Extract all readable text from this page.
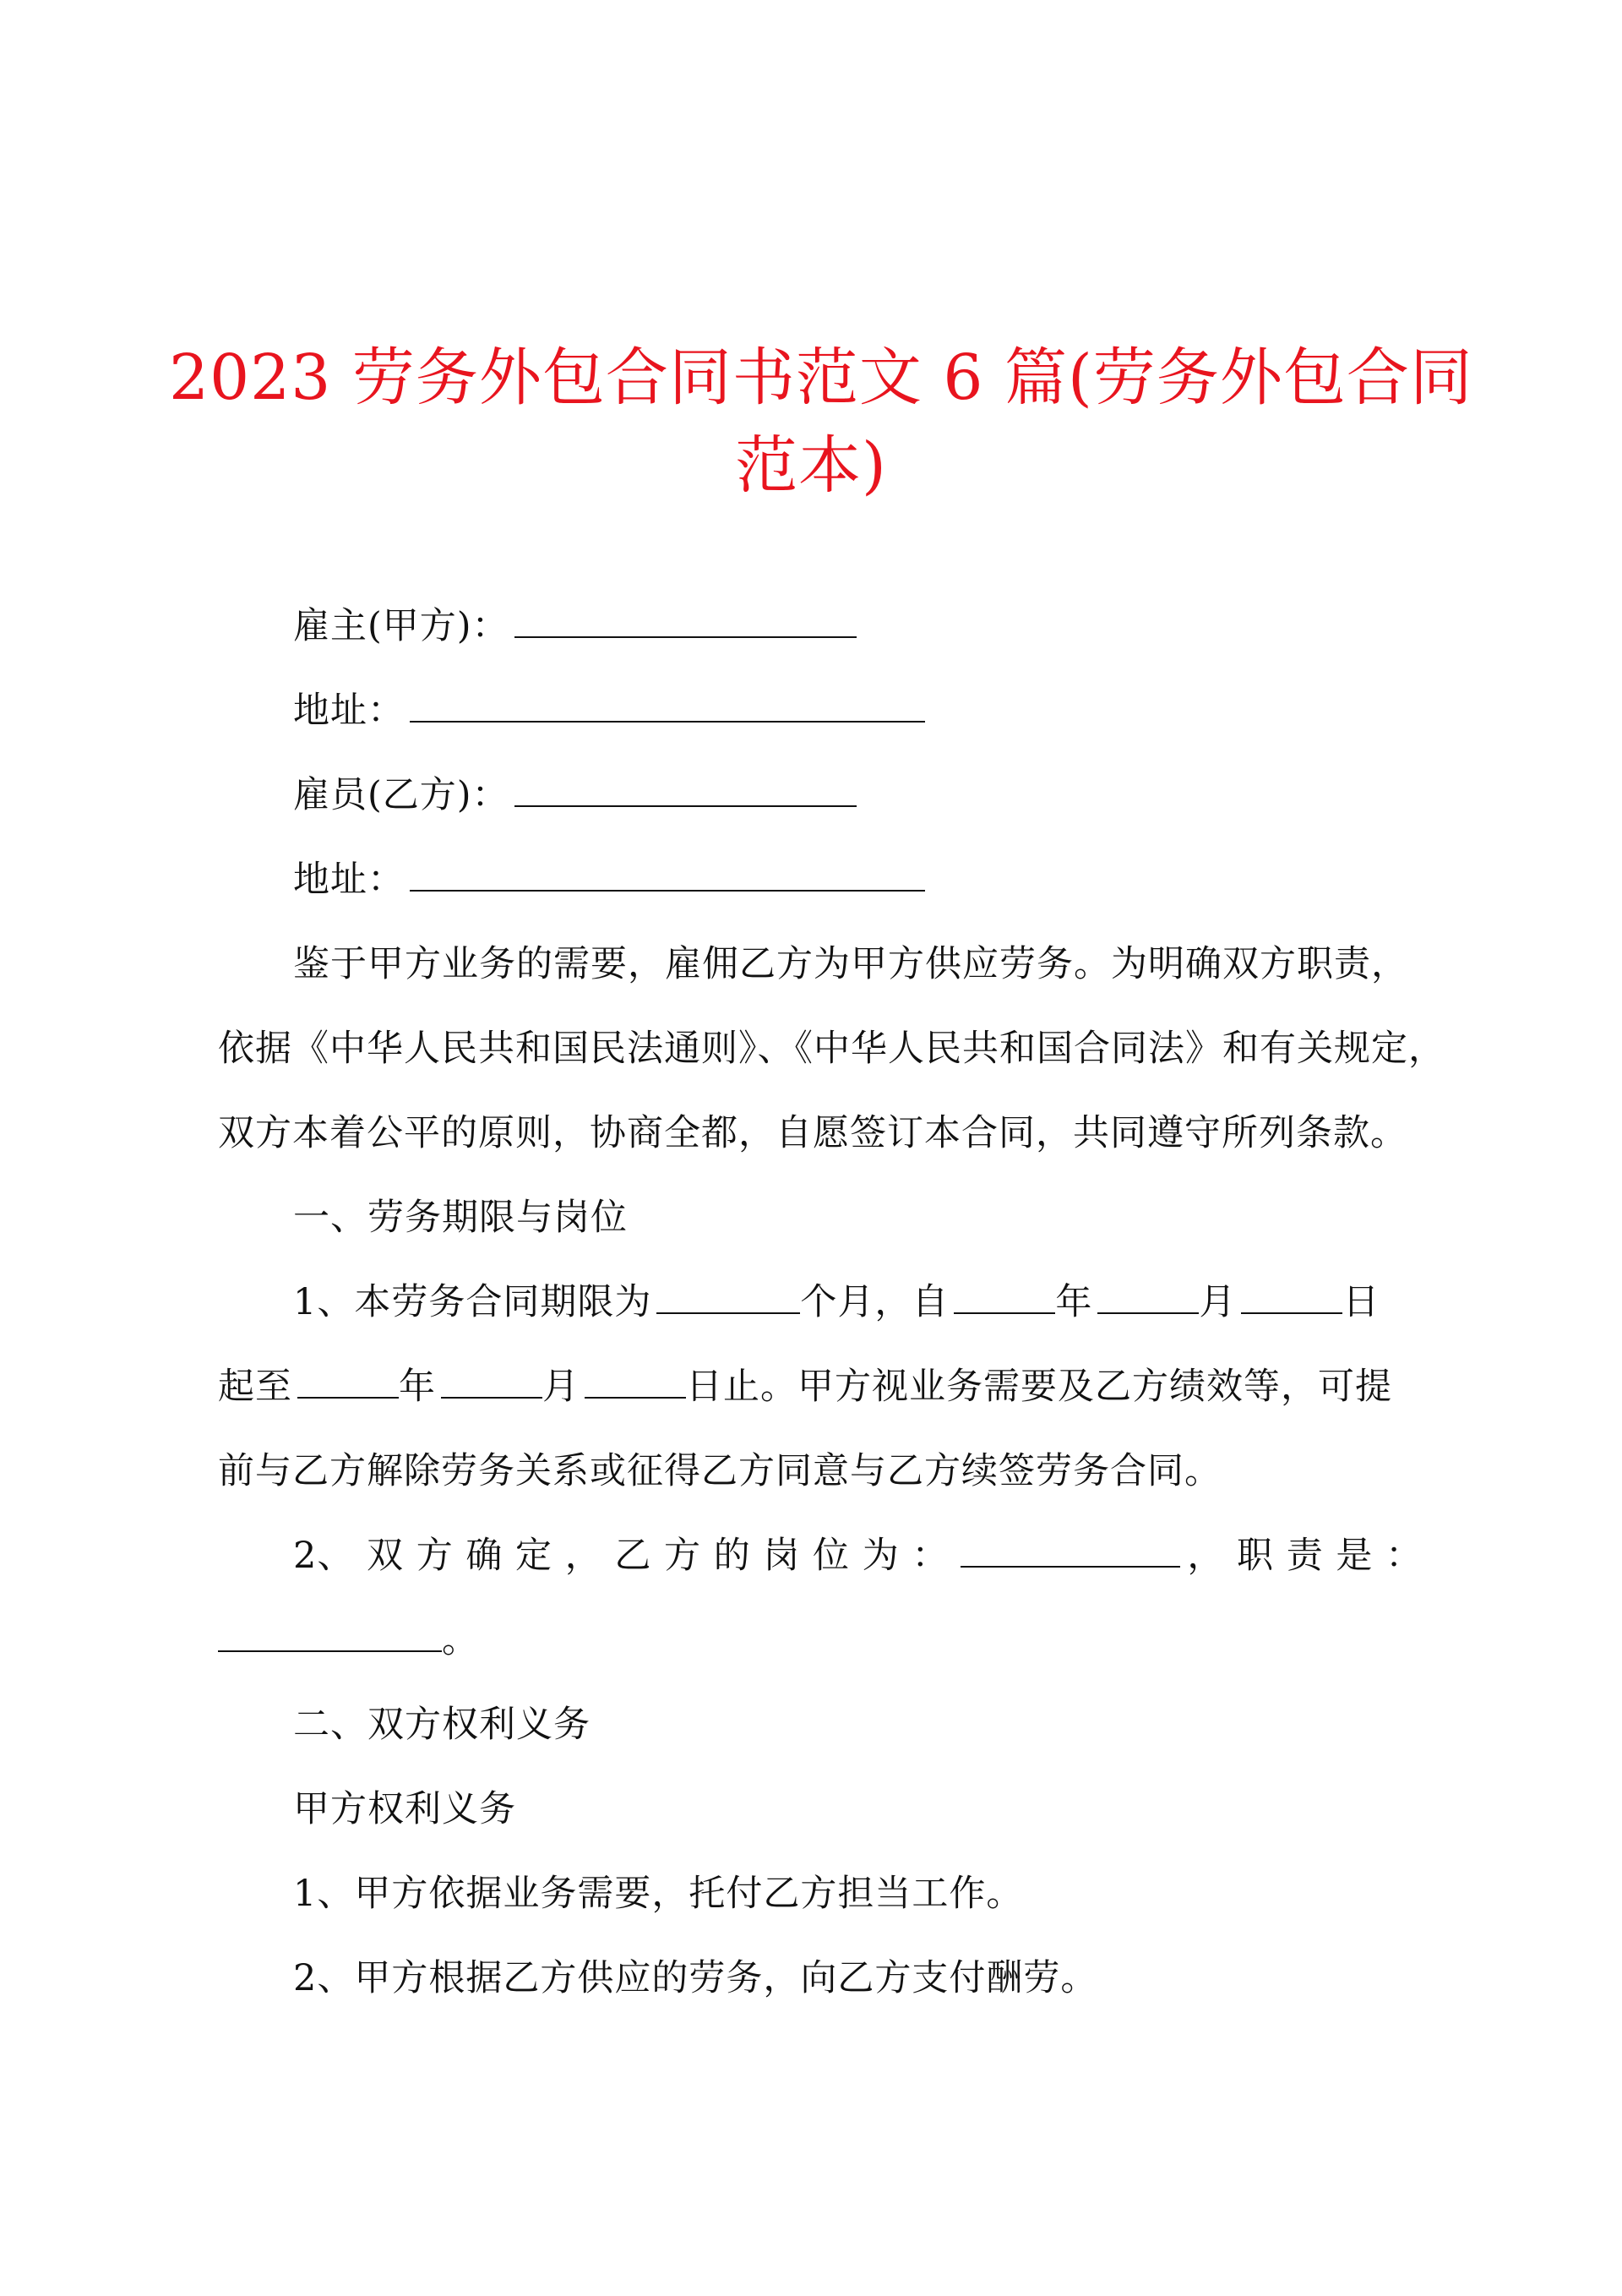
2023 劳务外包合同书范文 6 篇(劳务外包合同
范本)

雇主(甲方)：

地址：

雇员(乙方)：

地址：

鉴于甲方业务的需要，雇佣乙方为甲方供应劳务。为明确双方职责，

依据《中华人民共和国民法通则》、《中华人民共和国合同法》和有关规定，

双方本着公平的原则，协商全都，自愿签订本合同，共同遵守所列条款。

一、劳务期限与岗位

1、本劳务合同期限为	个月，自	年	月	日

起至	年	月	日止。甲方视业务需要及乙方绩效等，可提

前与乙方解除劳务关系或征得乙方同意与乙方续签劳务合同。

2、 双 方 确 定 ， 乙 方 的 岗 位 为 ：	， 职 责 是 ：

。

二、双方权利义务

甲方权利义务

1、甲方依据业务需要，托付乙方担当工作。

2、甲方根据乙方供应的劳务，向乙方支付酬劳。
